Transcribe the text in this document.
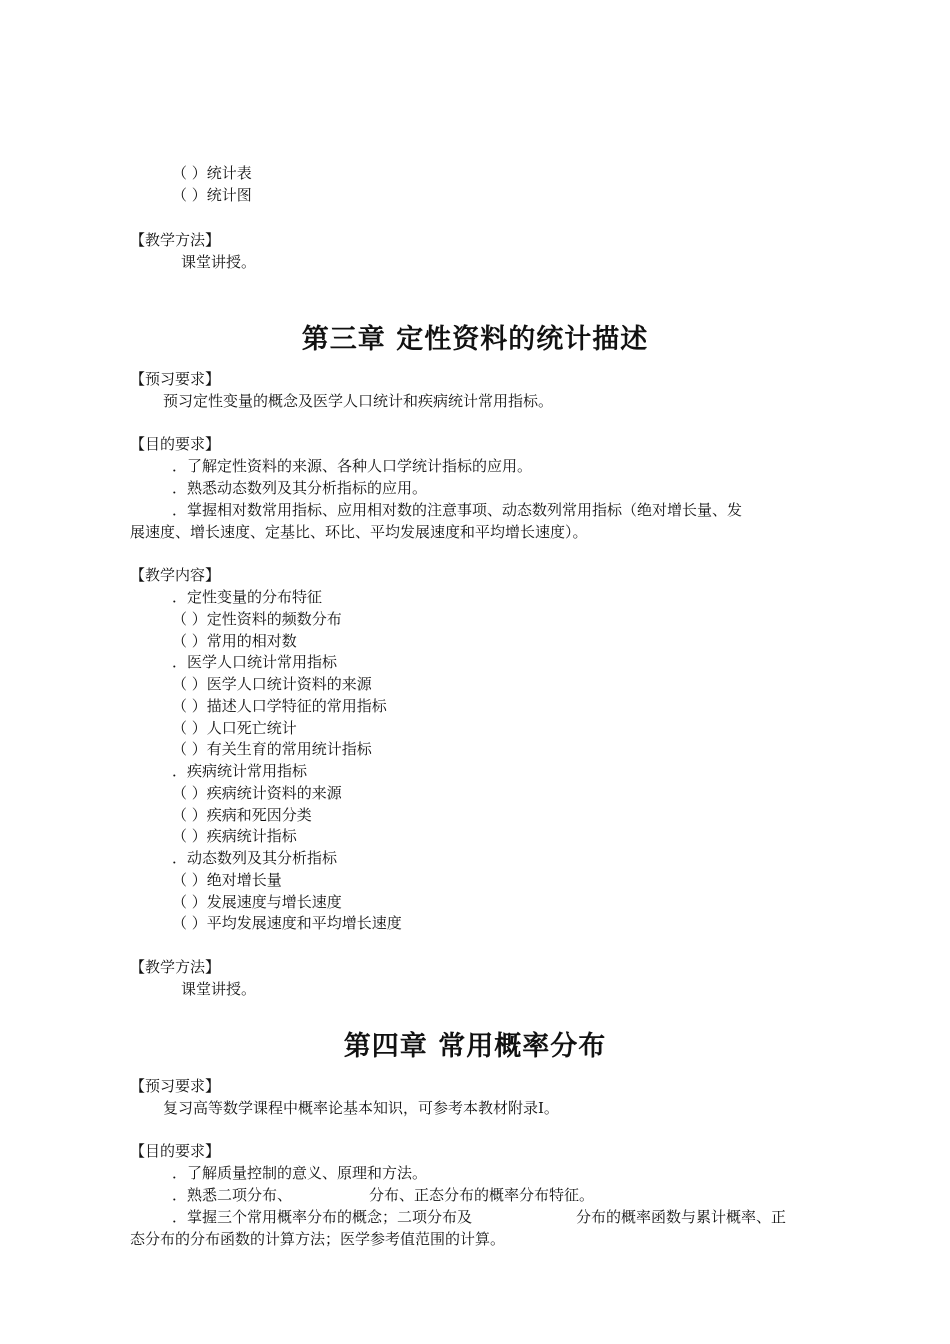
（ ）统计表
（ ）统计图
【教学方法】
课堂讲授。
第三章 定性资料的统计描述
【预习要求】
预习定性变量的概念及医学人口统计和疾病统计常用指标。
【目的要求】
．了解定性资料的来源、各种人口学统计指标的应用。
．熟悉动态数列及其分析指标的应用。
．掌握相对数常用指标、应用相对数的注意事项、动态数列常用指标（绝对增长量、发
展速度、增长速度、定基比、环比、平均发展速度和平均增长速度）。
【教学内容】
．定性变量的分布特征
（ ）定性资料的频数分布
（ ）常用的相对数
．医学人口统计常用指标
（ ）医学人口统计资料的来源
（ ）描述人口学特征的常用指标
（ ）人口死亡统计
（ ）有关生育的常用统计指标
．疾病统计常用指标
（ ）疾病统计资料的来源
（ ）疾病和死因分类
（ ）疾病统计指标
．动态数列及其分析指标
（ ）绝对增长量
（ ）发展速度与增长速度
（ ）平均发展速度和平均增长速度
【教学方法】
课堂讲授。
第四章 常用概率分布
【预习要求】
复习高等数学课程中概率论基本知识，可参考本教材附录Ⅰ。
【目的要求】
．了解质量控制的意义、原理和方法。
．熟悉二项分布、	分布、正态分布的概率分布特征。
．掌握三个常用概率分布的概念；二项分布及	分布的概率函数与累计概率、正
态分布的分布函数的计算方法；医学参考值范围的计算。
